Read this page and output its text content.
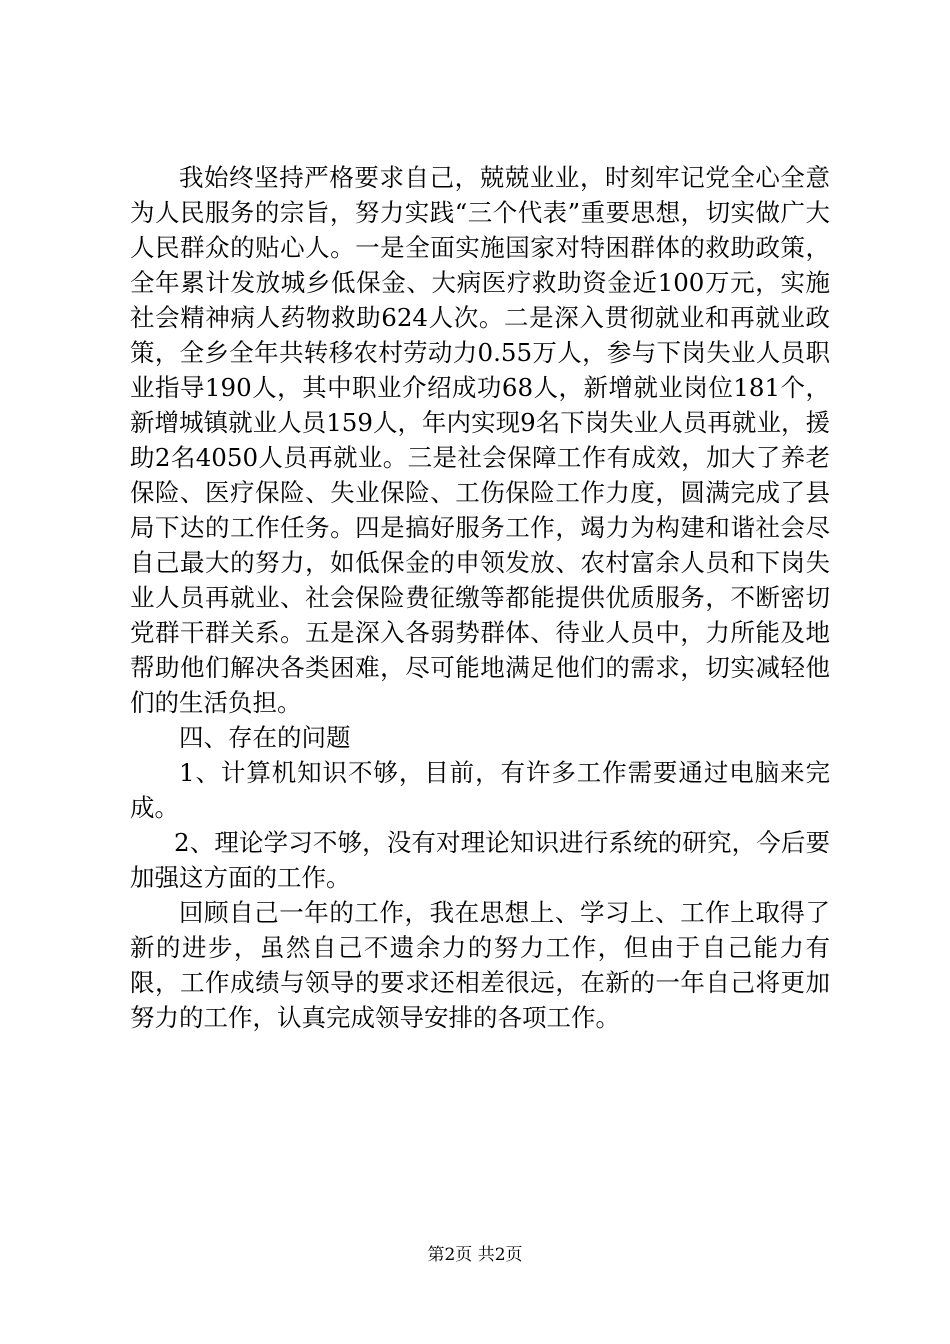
我始终坚持严格要求自己，兢兢业业，时刻牢记党全心全意为人民服务的宗旨，努力实践“三个代表”重要思想，切实做广大人民群众的贴心人。一是全面实施国家对特困群体的救助政策，全年累计发放城乡低保金、大病医疗救助资金近100万元，实施社会精神病人药物救助624人次。二是深入贯彻就业和再就业政策，全乡全年共转移农村劳动力0.55万人，参与下岗失业人员职业指导190人，其中职业介绍成功68人，新增就业岗位181个，新增城镇就业人员159人，年内实现9名下岗失业人员再就业，援助2名4050人员再就业。三是社会保障工作有成效，加大了养老保险、医疗保险、失业保险、工伤保险工作力度，圆满完成了县局下达的工作任务。四是搞好服务工作，竭力为构建和谐社会尽自己最大的努力，如低保金的申领发放、农村富余人员和下岗失业人员再就业、社会保险费征缴等都能提供优质服务，不断密切党群干群关系。五是深入各弱势群体、待业人员中，力所能及地帮助他们解决各类困难，尽可能地满足他们的需求，切实减轻他们的生活负担。

四、存在的问题

1、计算机知识不够，目前，有许多工作需要通过电脑来完成。

2、理论学习不够，没有对理论知识进行系统的研究，今后要加强这方面的工作。

回顾自己一年的工作，我在思想上、学习上、工作上取得了新的进步，虽然自己不遗余力的努力工作，但由于自己能力有限，工作成绩与领导的要求还相差很远，在新的一年自己将更加努力的工作，认真完成领导安排的各项工作。

第2页 共2页
